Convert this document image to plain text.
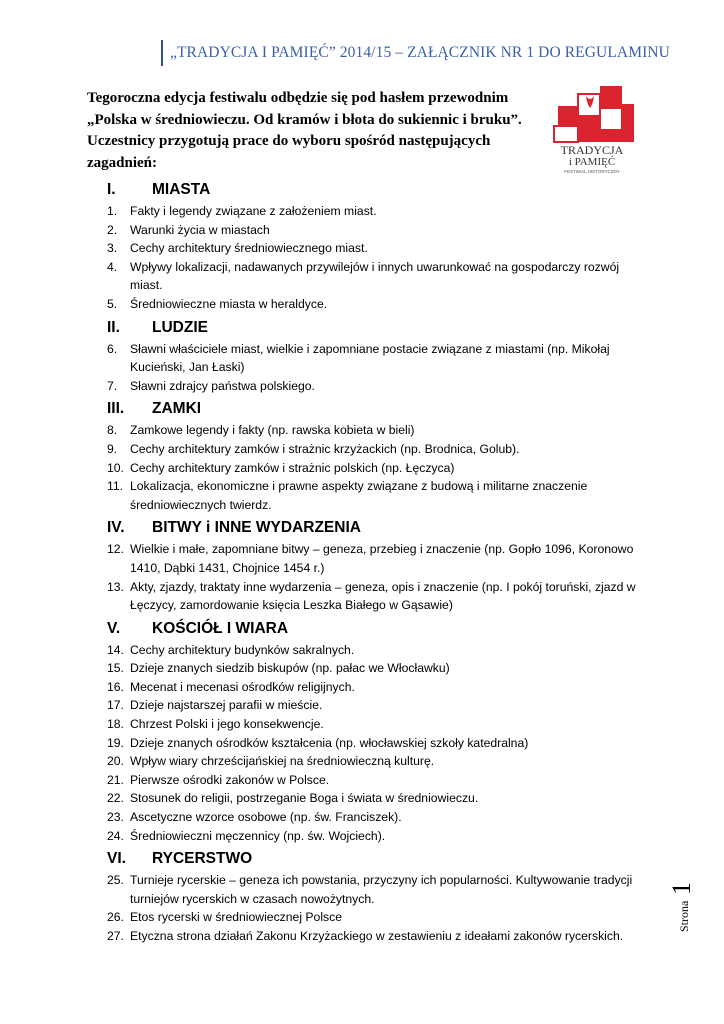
„TRADYCJA I PAMIĘĆ” 2014/15 – ZAŁĄCZNIK NR 1 DO REGULAMINU
Tegoroczna edycja festiwalu odbędzie się pod hasłem przewodnim „Polska w średniowieczu. Od kramów i błota do sukiennic i bruku”. Uczestnicy przygotują prace do wyboru spośród następujących zagadnień:
TRADYCJA
i PAMIĘĆ
FESTIWAL HISTORYCZNY
I.	MIASTA
1.	Fakty i legendy związane z założeniem miast.
2.	Warunki życia w miastach
3.	Cechy architektury średniowiecznego miast.
4.	Wpływy lokalizacji, nadawanych przywilejów i innych uwarunkować na gospodarczy rozwój miast.
5.	Średniowieczne miasta w heraldyce.
II.	LUDZIE
6.	Sławni właściciele miast, wielkie i zapomniane postacie związane z miastami (np. Mikołaj Kucieński, Jan Łaski)
7.	Sławni zdrajcy państwa polskiego.
III.	ZAMKI
8.	Zamkowe legendy i fakty (np. rawska kobieta w bieli)
9.	Cechy architektury zamków i strażnic krzyżackich (np. Brodnica, Golub).
10. Cechy architektury zamków i strażnic polskich (np. Łęczyca)
11. Lokalizacja, ekonomiczne i prawne aspekty związane z budową i militarne znaczenie średniowiecznych twierdz.
IV.	BITWY i INNE WYDARZENIA
12. Wielkie i małe, zapomniane bitwy – geneza, przebieg i znaczenie (np. Gopło 1096, Koronowo 1410, Dąbki 1431, Chojnice 1454 r.)
13. Akty, zjazdy, traktaty inne wydarzenia – geneza, opis i znaczenie (np. I pokój toruński, zjazd w Łęczycy, zamordowanie księcia Leszka Białego w Gąsawie)
V.	KOŚCIÓŁ I WIARA
14. Cechy architektury budynków sakralnych.
15. Dzieje znanych siedzib biskupów (np. pałac we Włocławku)
16. Mecenat i mecenasi ośrodków religijnych.
17. Dzieje najstarszej parafii w mieście.
18. Chrzest Polski i jego konsekwencje.
19. Dzieje znanych ośrodków kształcenia (np. włocławskiej szkoły katedralna)
20. Wpływ wiary chrześcijańskiej na średniowieczną kulturę.
21. Pierwsze ośrodki zakonów w Polsce.
22. Stosunek do religii, postrzeganie Boga i świata w średniowieczu.
23. Ascetyczne wzorce osobowe (np. św. Franciszek).
24. Średniowieczni męczennicy (np. św. Wojciech).
VI.	RYCERSTWO
25. Turnieje rycerskie – geneza ich powstania, przyczyny ich popularności. Kultywowanie tradycji turniejów rycerskich w czasach nowożytnych.
26. Etos rycerski w średniowiecznej Polsce
27. Etyczna strona działań Zakonu Krzyżackiego w zestawieniu z ideałami zakonów rycerskich.
Strona
1
